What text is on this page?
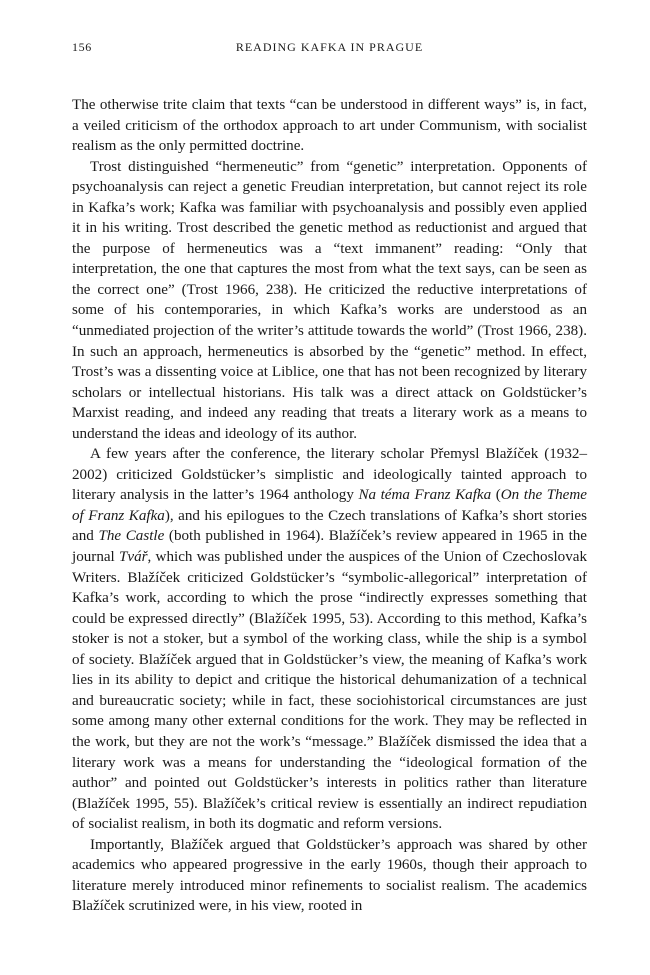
156	READING KAFKA IN PRAGUE

The otherwise trite claim that texts “can be understood in different ways” is, in fact, a veiled criticism of the orthodox approach to art under Communism, with socialist realism as the only permitted doctrine.

Trost distinguished “hermeneutic” from “genetic” interpretation. Opponents of psychoanalysis can reject a genetic Freudian interpretation, but cannot reject its role in Kafka’s work; Kafka was familiar with psychoanalysis and possibly even applied it in his writing. Trost described the genetic method as reductionist and argued that the purpose of hermeneutics was a “text immanent” reading: “Only that interpretation, the one that captures the most from what the text says, can be seen as the correct one” (Trost 1966, 238). He criticized the reductive interpretations of some of his contemporaries, in which Kafka’s works are understood as an “unmediated projection of the writer’s attitude towards the world” (Trost 1966, 238). In such an approach, hermeneutics is absorbed by the “genetic” method. In effect, Trost’s was a dissenting voice at Liblice, one that has not been recognized by literary scholars or intellectual historians. His talk was a direct attack on Goldstücker’s Marxist reading, and indeed any reading that treats a literary work as a means to understand the ideas and ideology of its author.

A few years after the conference, the literary scholar Přemysl Blažíček (1932–2002) criticized Goldstücker’s simplistic and ideologically tainted approach to literary analysis in the latter’s 1964 anthology Na téma Franz Kafka (On the Theme of Franz Kafka), and his epilogues to the Czech translations of Kafka’s short stories and The Castle (both published in 1964). Blažíček’s review appeared in 1965 in the journal Tvář, which was published under the auspices of the Union of Czechoslovak Writers. Blažíček criticized Goldstücker’s “symbolic-allegorical” interpretation of Kafka’s work, according to which the prose “indirectly expresses something that could be expressed directly” (Blažíček 1995, 53). According to this method, Kafka’s stoker is not a stoker, but a symbol of the working class, while the ship is a symbol of society. Blažíček argued that in Goldstücker’s view, the meaning of Kafka’s work lies in its ability to depict and critique the historical dehumanization of a technical and bureaucratic society; while in fact, these sociohistorical circumstances are just some among many other external conditions for the work. They may be reflected in the work, but they are not the work’s “message.” Blažíček dismissed the idea that a literary work was a means for understanding the “ideological formation of the author” and pointed out Goldstücker’s interests in politics rather than literature (Blažíček 1995, 55). Blažíček’s critical review is essentially an indirect repudiation of socialist realism, in both its dogmatic and reform versions.

Importantly, Blažíček argued that Goldstücker’s approach was shared by other academics who appeared progressive in the early 1960s, though their approach to literature merely introduced minor refinements to socialist realism. The academics Blažíček scrutinized were, in his view, rooted in
